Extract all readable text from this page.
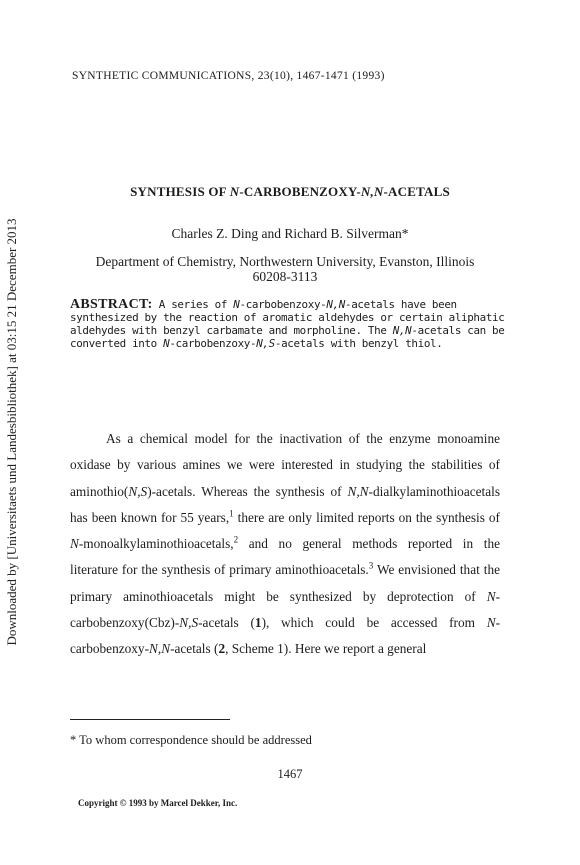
Downloaded by [Universitaets und Landesbibliothek] at 03:15 21 December 2013
SYNTHETIC COMMUNICATIONS, 23(10), 1467-1471 (1993)
SYNTHESIS OF N-CARBOBENZOXY-N,N-ACETALS
Charles Z. Ding and Richard B. Silverman*
Department of Chemistry, Northwestern University, Evanston, Illinois
60208-3113
ABSTRACT: A series of N-carbobenzoxy-N,N-acetals have been synthesized by the reaction of aromatic aldehydes or certain aliphatic aldehydes with benzyl carbamate and morpholine. The N,N-acetals can be converted into N-carbobenzoxy-N,S-acetals with benzyl thiol.

As a chemical model for the inactivation of the enzyme monoamine oxidase by various amines we were interested in studying the stabilities of aminothio(N,S)-acetals. Whereas the synthesis of N,N-dialkylaminothioacetals has been known for 55 years,$^1$ there are only limited reports on the synthesis of N-monoalkylaminothioacetals,$^2$ and no general methods reported in the literature for the synthesis of primary aminothioacetals.$^3$ We envisioned that the primary aminothioacetals might be synthesized by deprotection of N-carbobenzoxy(Cbz)-N,S-acetals (1), which could be accessed from N-carbobenzoxy-N,N-acetals (2, Scheme 1). Here we report a general

* To whom correspondence should be addressed
1467
Copyright © 1993 by Marcel Dekker, Inc.
